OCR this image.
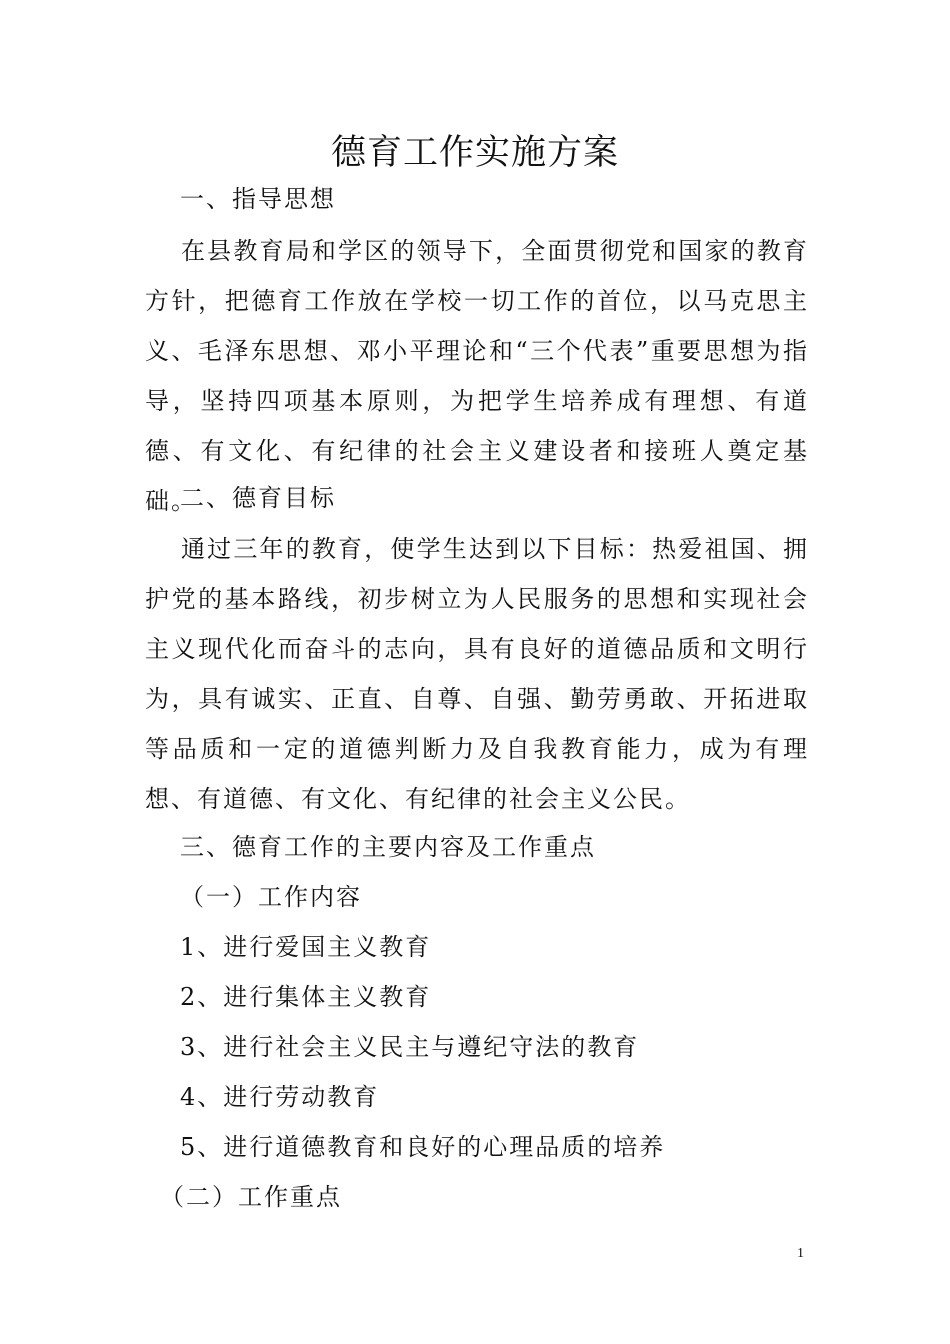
德育工作实施方案
一、指导思想
在县教育局和学区的领导下，全面贯彻党和国家的教育方针，把德育工作放在学校一切工作的首位，以马克思主义、毛泽东思想、邓小平理论和“三个代表”重要思想为指导，坚持四项基本原则，为把学生培养成有理想、有道德、有文化、有纪律的社会主义建设者和接班人奠定基础。
二、德育目标
通过三年的教育，使学生达到以下目标：热爱祖国、拥护党的基本路线，初步树立为人民服务的思想和实现社会主义现代化而奋斗的志向，具有良好的道德品质和文明行为，具有诚实、正直、自尊、自强、勤劳勇敢、开拓进取等品质和一定的道德判断力及自我教育能力，成为有理想、有道德、有文化、有纪律的社会主义公民。
三、德育工作的主要内容及工作重点
（一）工作内容
1、进行爱国主义教育
2、进行集体主义教育
3、进行社会主义民主与遵纪守法的教育
4、进行劳动教育
5、进行道德教育和良好的心理品质的培养
（二）工作重点
1
